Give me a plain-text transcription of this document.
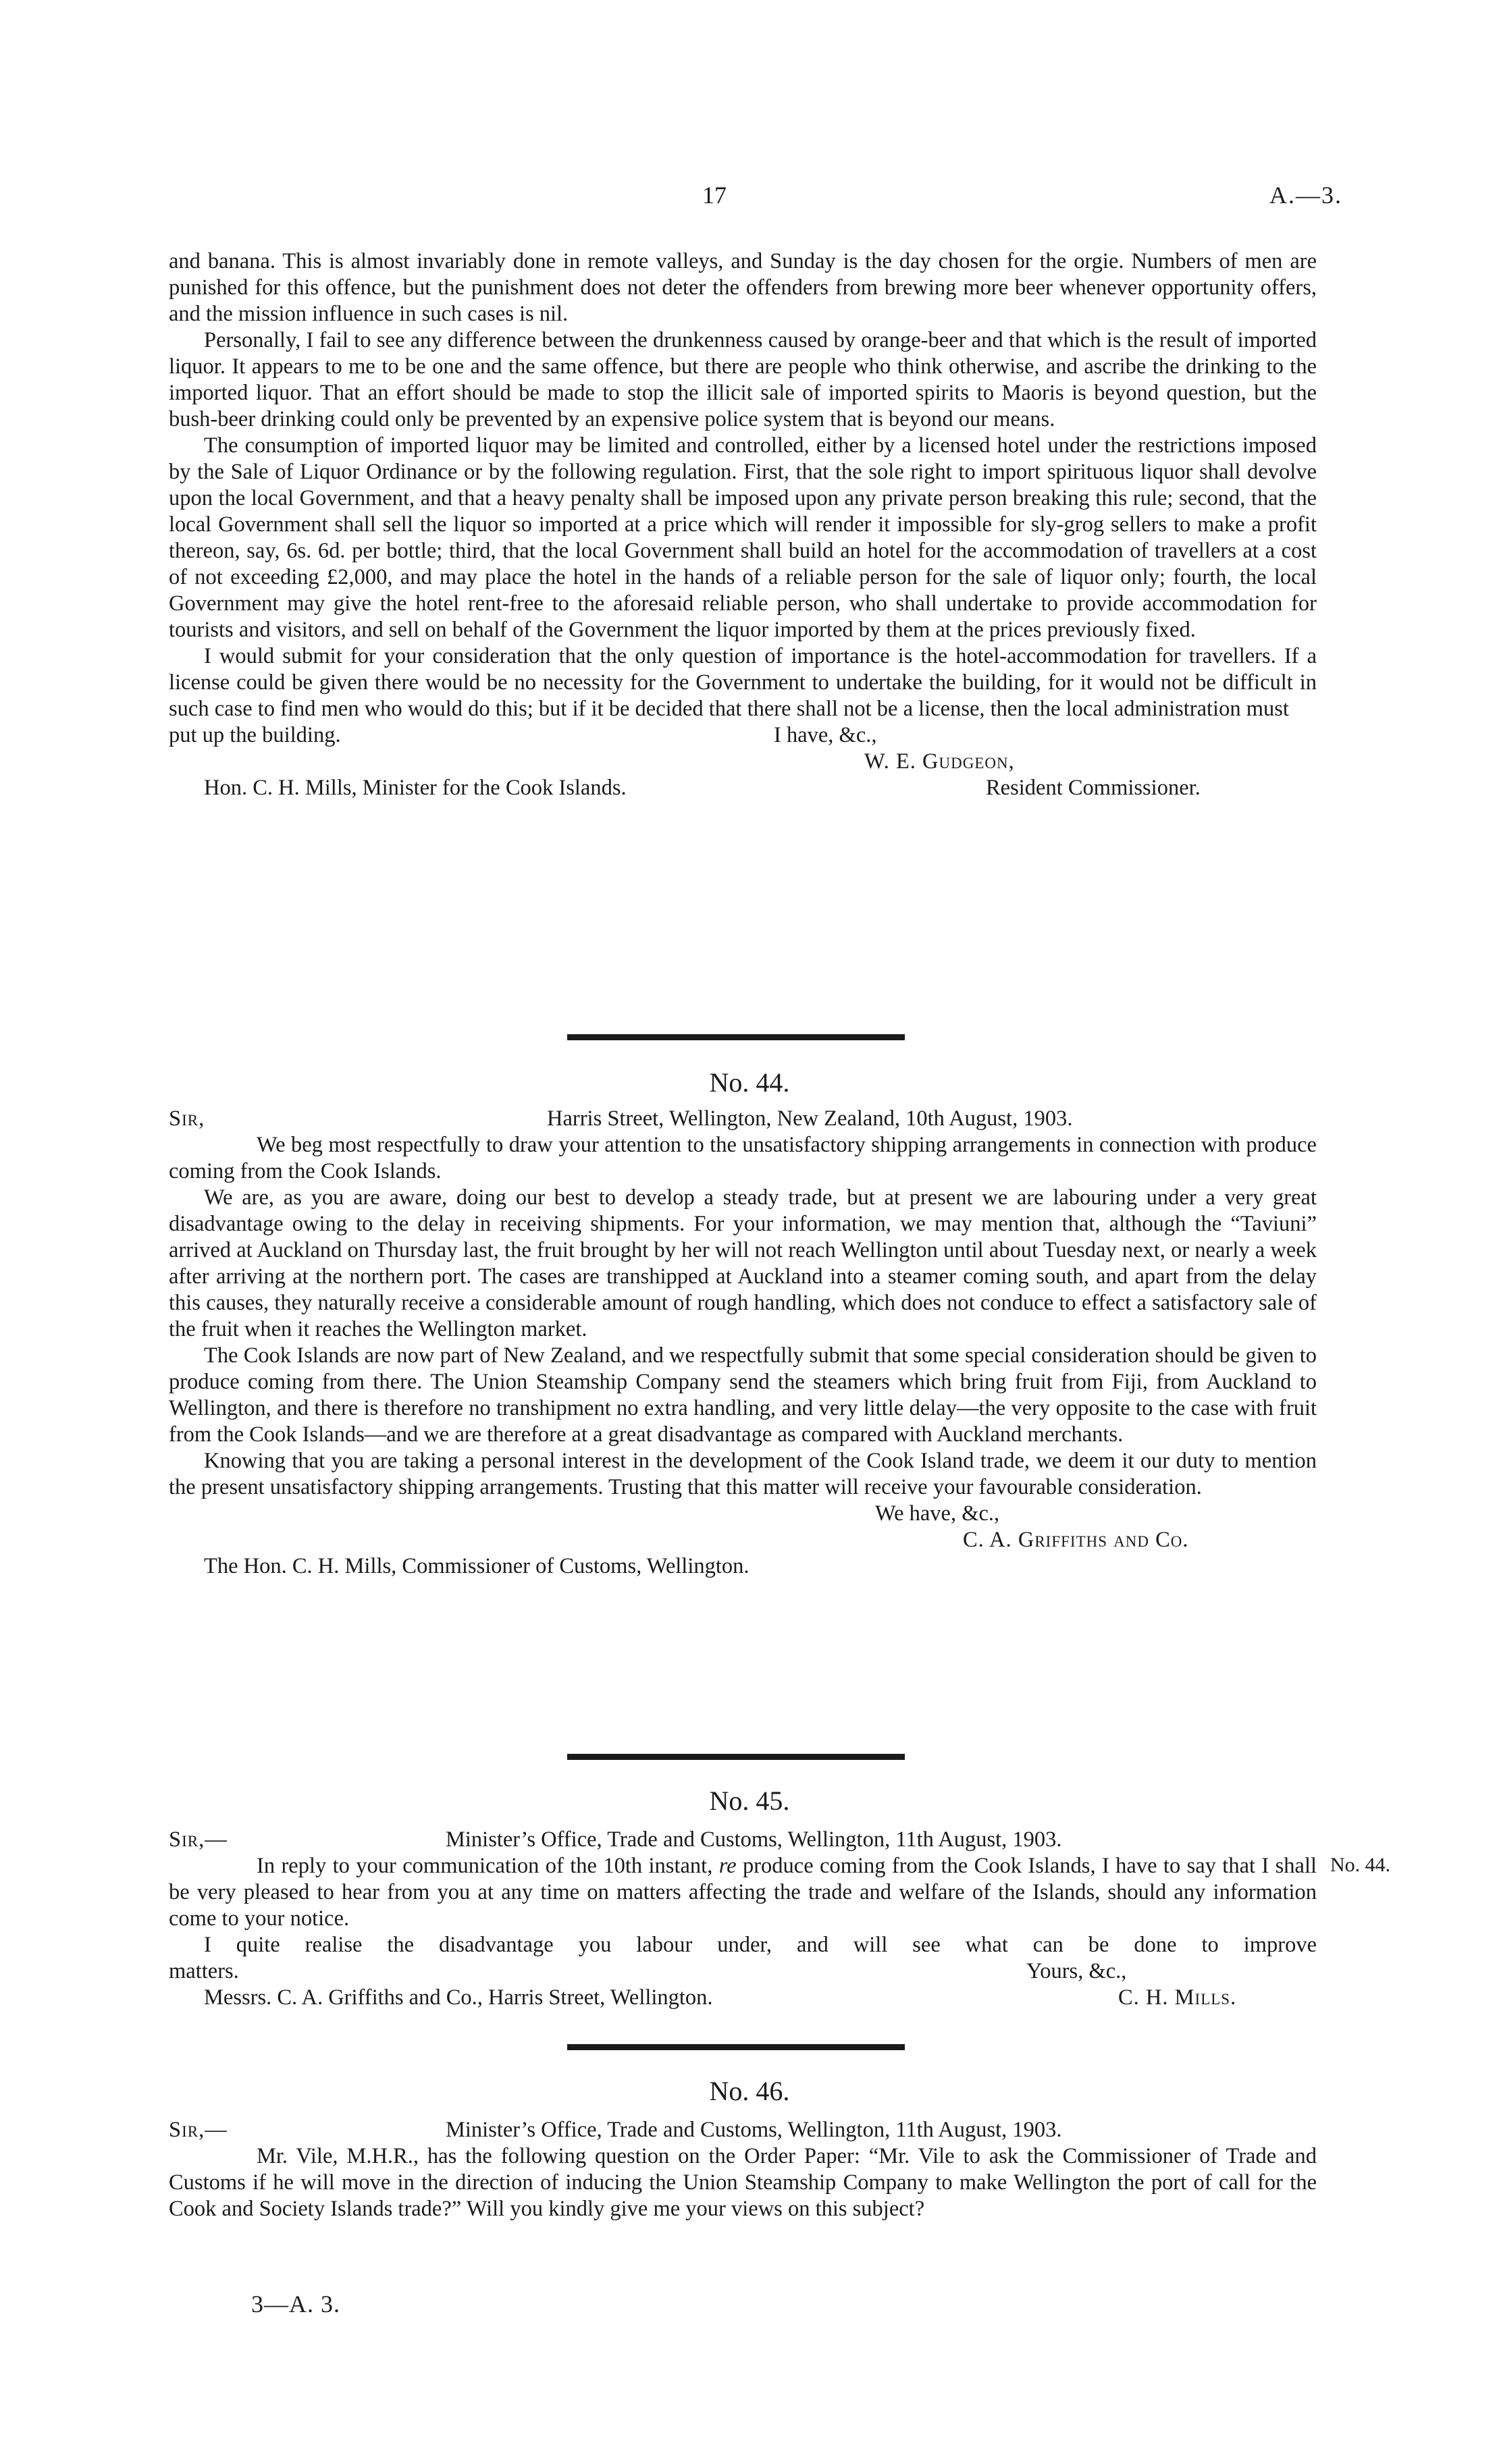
17	A.—3.

and banana. This is almost invariably done in remote valleys, and Sunday is the day chosen for the orgie. Numbers of men are punished for this offence, but the punishment does not deter the offenders from brewing more beer whenever opportunity offers, and the mission influence in such cases is nil.

Personally, I fail to see any difference between the drunkenness caused by orange-beer and that which is the result of imported liquor. It appears to me to be one and the same offence, but there are people who think otherwise, and ascribe the drinking to the imported liquor. That an effort should be made to stop the illicit sale of imported spirits to Maoris is beyond question, but the bush-beer drinking could only be prevented by an expensive police system that is beyond our means.

The consumption of imported liquor may be limited and controlled, either by a licensed hotel under the restrictions imposed by the Sale of Liquor Ordinance or by the following regulation. First, that the sole right to import spirituous liquor shall devolve upon the local Government, and that a heavy penalty shall be imposed upon any private person breaking this rule; second, that the local Government shall sell the liquor so imported at a price which will render it impossible for sly-grog sellers to make a profit thereon, say, 6s. 6d. per bottle; third, that the local Government shall build an hotel for the accommodation of travellers at a cost of not exceeding £2,000, and may place the hotel in the hands of a reliable person for the sale of liquor only; fourth, the local Government may give the hotel rent-free to the aforesaid reliable person, who shall undertake to provide accommodation for tourists and visitors, and sell on behalf of the Government the liquor imported by them at the prices previously fixed.

I would submit for your consideration that the only question of importance is the hotel-accommodation for travellers. If a license could be given there would be no necessity for the Government to undertake the building, for it would not be difficult in such case to find men who would do this; but if it be decided that there shall not be a license, then the local administration must

put up the building.	I have, &c.,
W. E. Gudgeon,
Hon. C. H. Mills, Minister for the Cook Islands.	Resident Commissioner.
No. 44.
Sir,	Harris Street, Wellington, New Zealand, 10th August, 1903.

We beg most respectfully to draw your attention to the unsatisfactory shipping arrangements in connection with produce coming from the Cook Islands.

We are, as you are aware, doing our best to develop a steady trade, but at present we are labouring under a very great disadvantage owing to the delay in receiving shipments. For your information, we may mention that, although the “Taviuni” arrived at Auckland on Thursday last, the fruit brought by her will not reach Wellington until about Tuesday next, or nearly a week after arriving at the northern port. The cases are transhipped at Auckland into a steamer coming south, and apart from the delay this causes, they naturally receive a considerable amount of rough handling, which does not conduce to effect a satisfactory sale of the fruit when it reaches the Wellington market.

The Cook Islands are now part of New Zealand, and we respectfully submit that some special consideration should be given to produce coming from there. The Union Steamship Company send the steamers which bring fruit from Fiji, from Auckland to Wellington, and there is therefore no transhipment no extra handling, and very little delay—the very opposite to the case with fruit from the Cook Islands—and we are therefore at a great disadvantage as compared with Auckland merchants.

Knowing that you are taking a personal interest in the development of the Cook Island trade, we deem it our duty to mention the present unsatisfactory shipping arrangements. Trusting that this matter will receive your favourable consideration.

We have, &c.,
C. A. Griffiths and Co.
The Hon. C. H. Mills, Commissioner of Customs, Wellington.
No. 45.
No. 44.
Sir,—	Minister’s Office, Trade and Customs, Wellington, 11th August, 1903.

In reply to your communication of the 10th instant, re produce coming from the Cook Islands, I have to say that I shall be very pleased to hear from you at any time on matters affecting the trade and welfare of the Islands, should any information come to your notice.

I quite realise the disadvantage you labour under, and will see what can be done to improve

matters.	Yours, &c.,
Messrs. C. A. Griffiths and Co., Harris Street, Wellington.	C. H. Mills.
No. 46.
Sir,—	Minister’s Office, Trade and Customs, Wellington, 11th August, 1903.

Mr. Vile, M.H.R., has the following question on the Order Paper: “Mr. Vile to ask the Commissioner of Trade and Customs if he will move in the direction of inducing the Union Steamship Company to make Wellington the port of call for the Cook and Society Islands trade?” Will you kindly give me your views on this subject?

3—A. 3.
